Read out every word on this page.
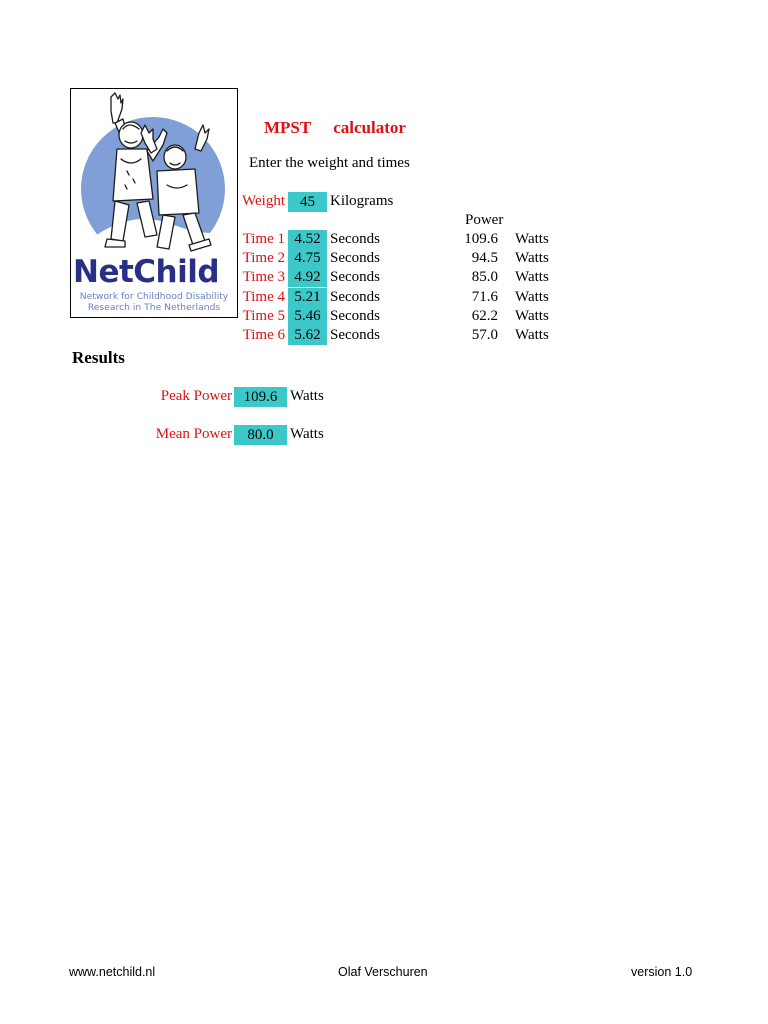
NetChild
Network for Childhood Disability
Research in The Netherlands
MPST calculator
Enter the weight and times
Weight	45	Kilograms
Power
Time 1 4.52 Seconds	109.6 Watts
Time 2 4.75 Seconds	94.5 Watts
Time 3 4.92 Seconds	85.0 Watts
Time 4 5.21 Seconds	71.6 Watts
Time 5 5.46 Seconds	62.2 Watts
Time 6 5.62 Seconds	57.0 Watts
Results
Peak Power 109.6 Watts
Mean Power	80.0	Watts
www.netchild.nl	Olaf Verschuren	version 1.0
